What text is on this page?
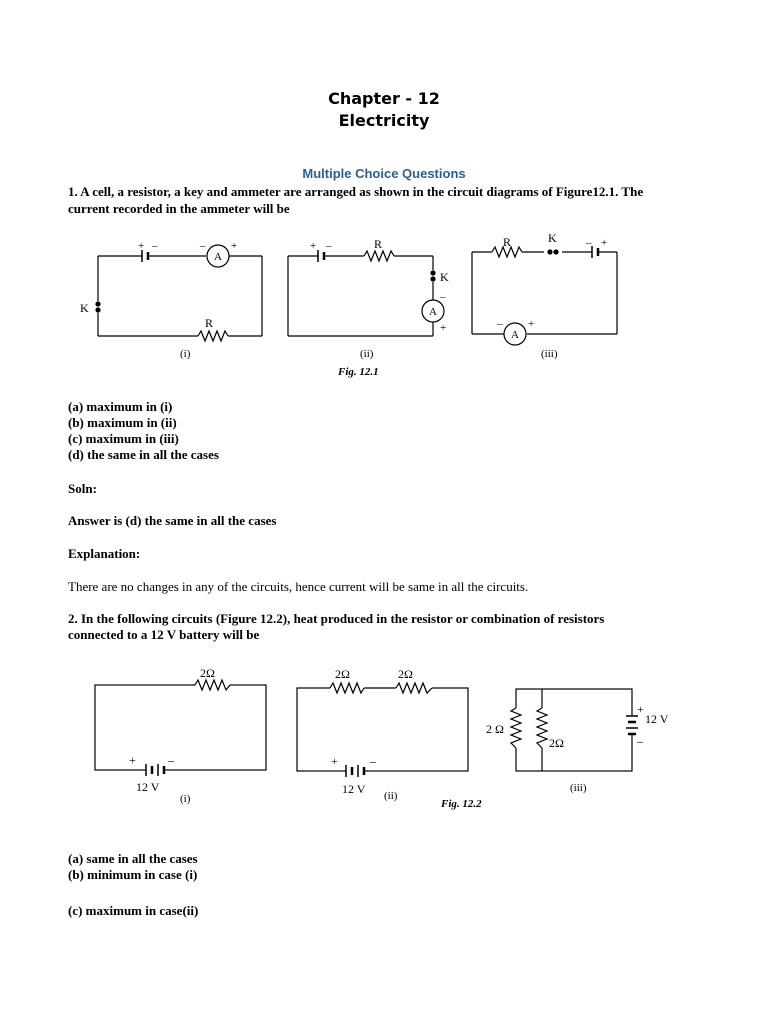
Chapter - 12
Electricity
Multiple Choice Questions
1. A cell, a resistor, a key and ammeter are arranged as shown in the circuit diagrams of Figure12.1. The
current recorded in the ammeter will be
A
A
A
+ –	– +
K
R
+ –	R
K
–
+
R	K	– +
– +
(i)	(ii)	(iii)
Fig. 12.1
2Ω	2Ω	2Ω
2 Ω
2Ω
+	–
12 V
+	–
12 V
+
–
12 V
(i)	(ii)
(iii)
Fig. 12.2
(a) maximum in (i)
(b) maximum in (ii)
(c) maximum in (iii)
(d) the same in all the cases
Soln:
Answer is (d) the same in all the cases
Explanation:
There are no changes in any of the circuits, hence current will be same in all the circuits.
2. In the following circuits (Figure 12.2), heat produced in the resistor or combination of resistors
connected to a 12 V battery will be
(a) same in all the cases
(b) minimum in case (i)
(c) maximum in case(ii)
